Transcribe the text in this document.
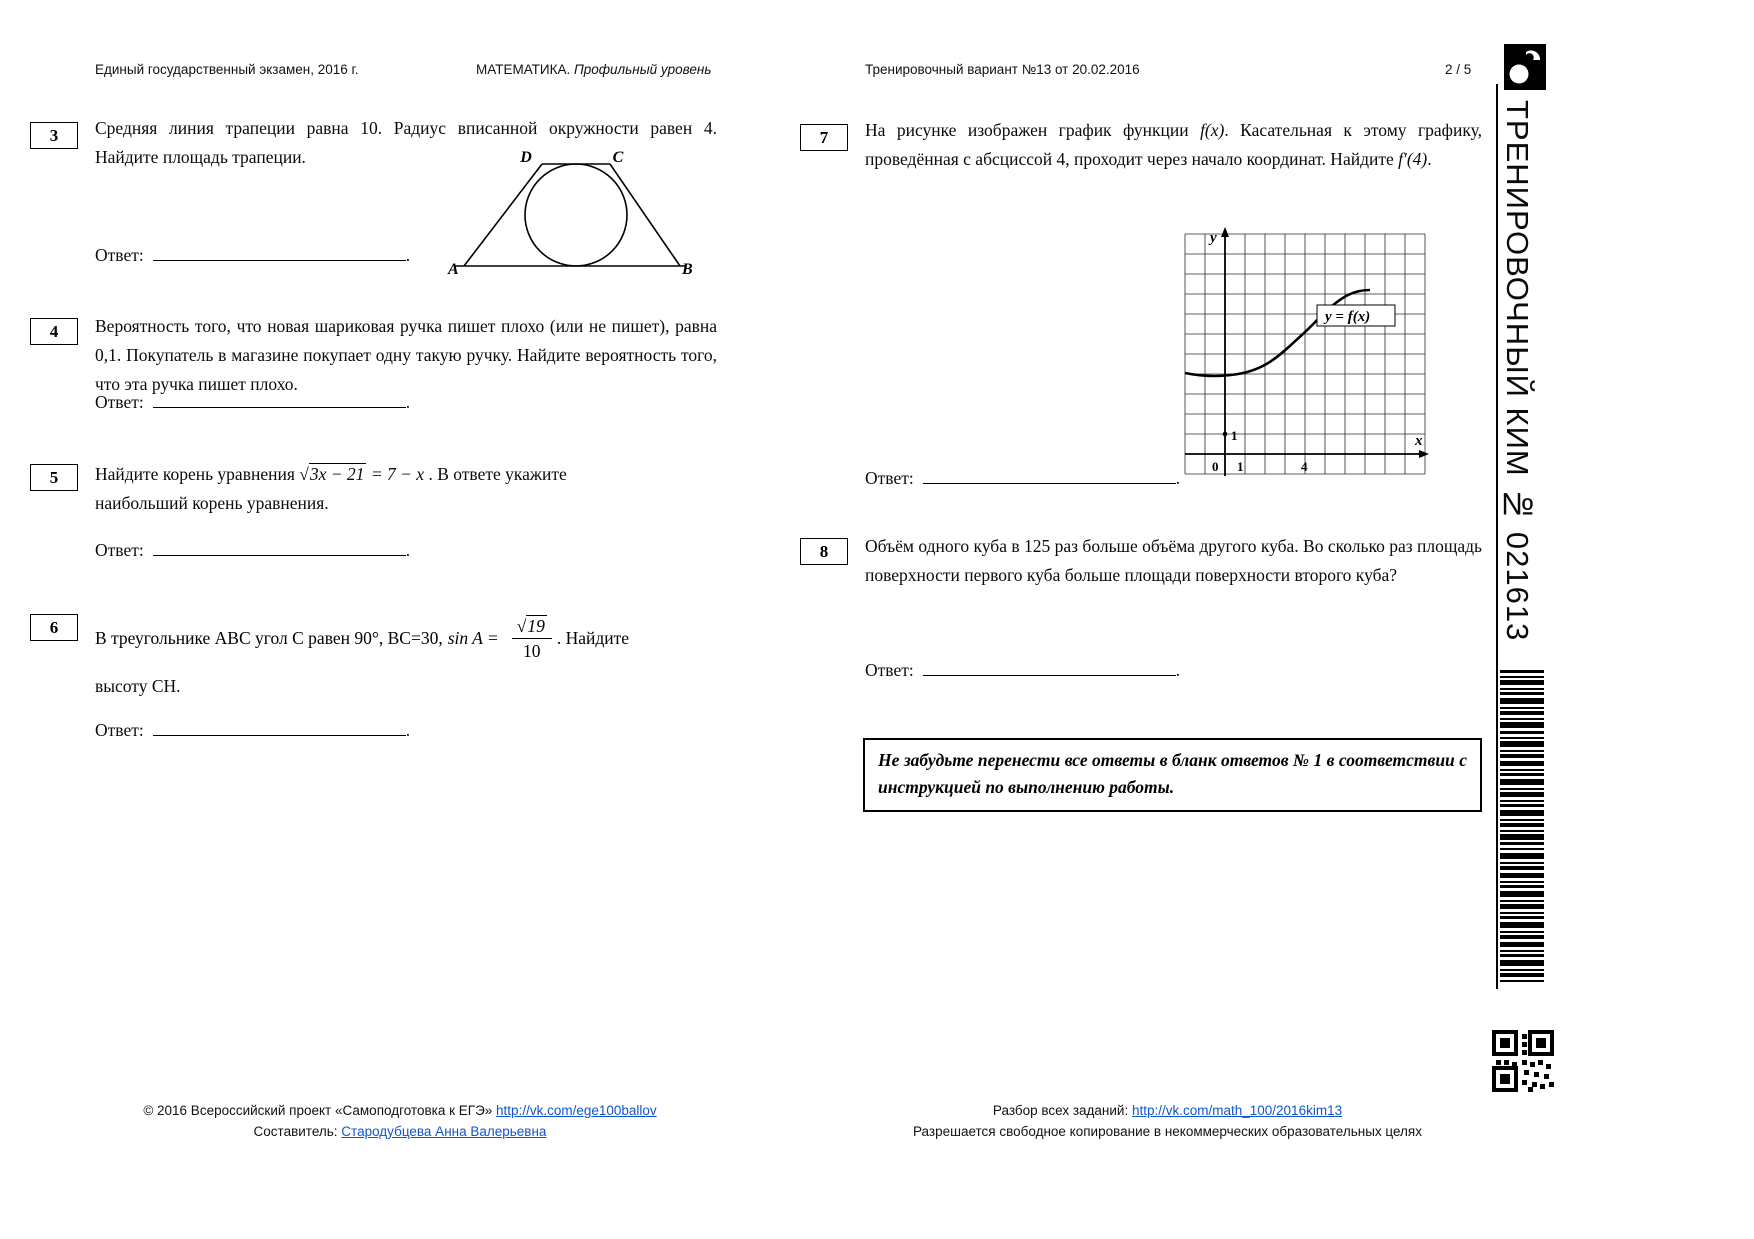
Единый государственный экзамен, 2016 г.	МАТЕМАТИКА. Профильный уровень	Тренировочный вариант №13 от 20.02.2016	2 / 5
3 Средняя линия трапеции равна 10. Радиус вписанной окружности равен 4. Найдите площадь трапеции.	D	C
A	B
Ответ:	.
4 Вероятность того, что новая шариковая ручка пишет плохо (или не пишет), равна 0,1. Покупатель в магазине покупает одну такую ручку. Найдите вероятность того, что эта ручка пишет плохо.
Ответ:	.
5 Найдите корень уравнения √3x − 21 = 7 − x . В ответе укажите наибольший корень уравнения.
Ответ:	.
6
В треугольнике ABC угол C равен 90°, BC=30, $\sin A = \frac{√19}{10}$ . Найдите
высоту CH.
Ответ:	.
7 На рисунке изображен график функции f(x). Касательная к этому графику, проведённая с абсциссой 4, проходит через начало координат. Найдите f′(4).
y = f(x)
y
x
0 1	4
1
Ответ:	.
8 Объём одного куба в 125 раз больше объёма другого куба. Во сколько раз площадь поверхности первого куба больше площади поверхности второго куба?
Ответ:	.
Не забудьте перенести все ответы в бланк ответов № 1 в соответствии с инструкцией по выполнению работы.
ТРЕНИРОВОЧНЫЙ КИМ № 021613
© 2016 Всероссийский проект «Самоподготовка к ЕГЭ» http://vk.com/ege100ballov
Составитель: Стародубцева Анна Валерьевна
Разбор всех заданий: http://vk.com/math_100/2016kim13
Разрешается свободное копирование в некоммерческих образовательных целях
